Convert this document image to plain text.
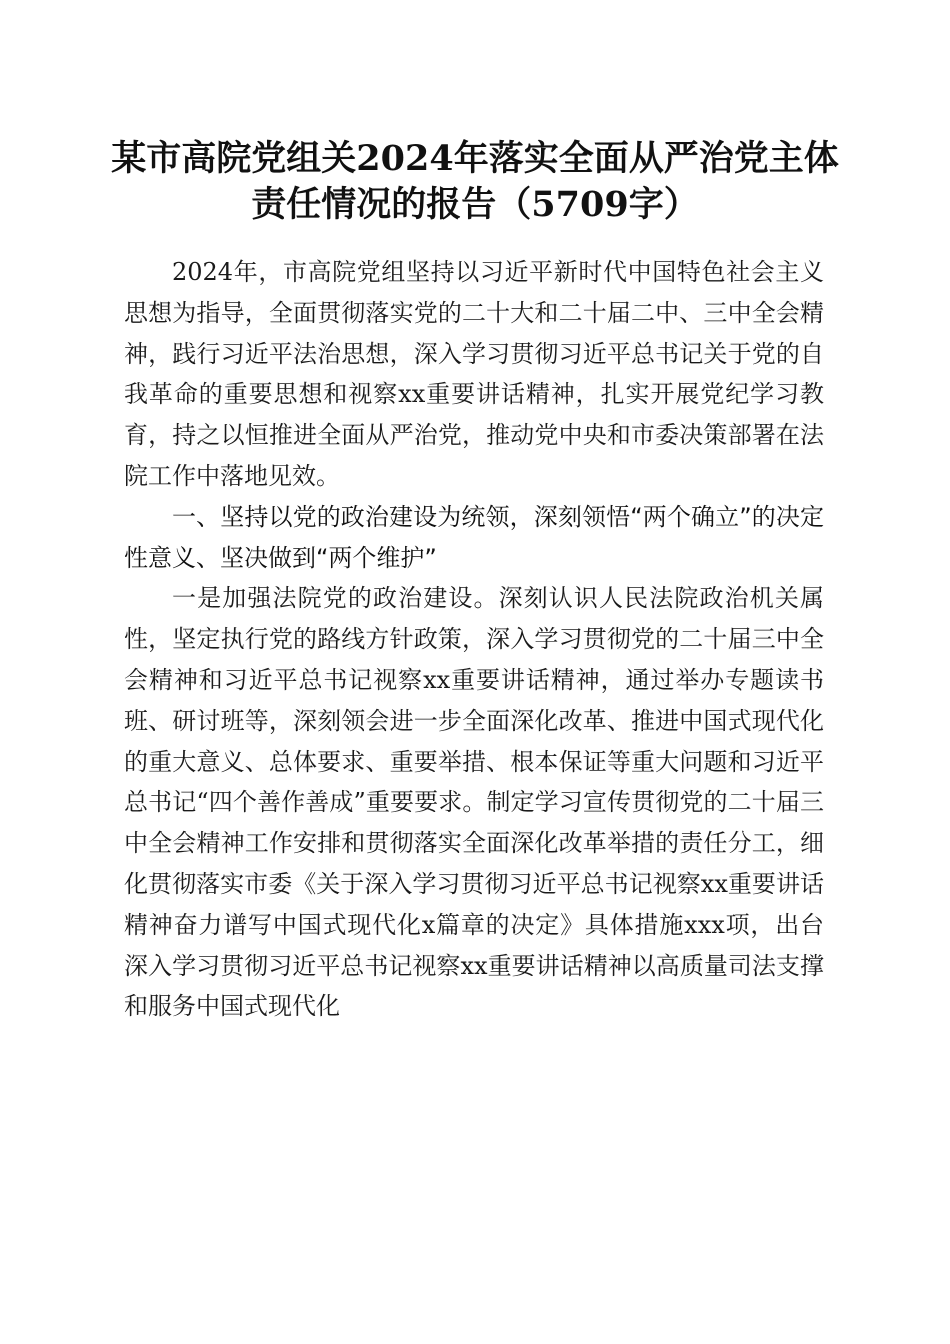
某市高院党组关2024年落实全面从严治党主体责任情况的报告（5709字）

2024年，市高院党组坚持以习近平新时代中国特色社会主义思想为指导，全面贯彻落实党的二十大和二十届二中、三中全会精神，践行习近平法治思想，深入学习贯彻习近平总书记关于党的自我革命的重要思想和视察xx重要讲话精神，扎实开展党纪学习教育，持之以恒推进全面从严治党，推动党中央和市委决策部署在法院工作中落地见效。

一、坚持以党的政治建设为统领，深刻领悟“两个确立”的决定性意义、坚决做到“两个维护”

一是加强法院党的政治建设。深刻认识人民法院政治机关属性，坚定执行党的路线方针政策，深入学习贯彻党的二十届三中全会精神和习近平总书记视察xx重要讲话精神，通过举办专题读书班、研讨班等，深刻领会进一步全面深化改革、推进中国式现代化的重大意义、总体要求、重要举措、根本保证等重大问题和习近平总书记“四个善作善成”重要要求。制定学习宣传贯彻党的二十届三中全会精神工作安排和贯彻落实全面深化改革举措的责任分工，细化贯彻落实市委《关于深入学习贯彻习近平总书记视察xx重要讲话精神奋力谱写中国式现代化x篇章的决定》具体措施xxx项，出台深入学习贯彻习近平总书记视察xx重要讲话精神以高质量司法支撑和服务中国式现代化
